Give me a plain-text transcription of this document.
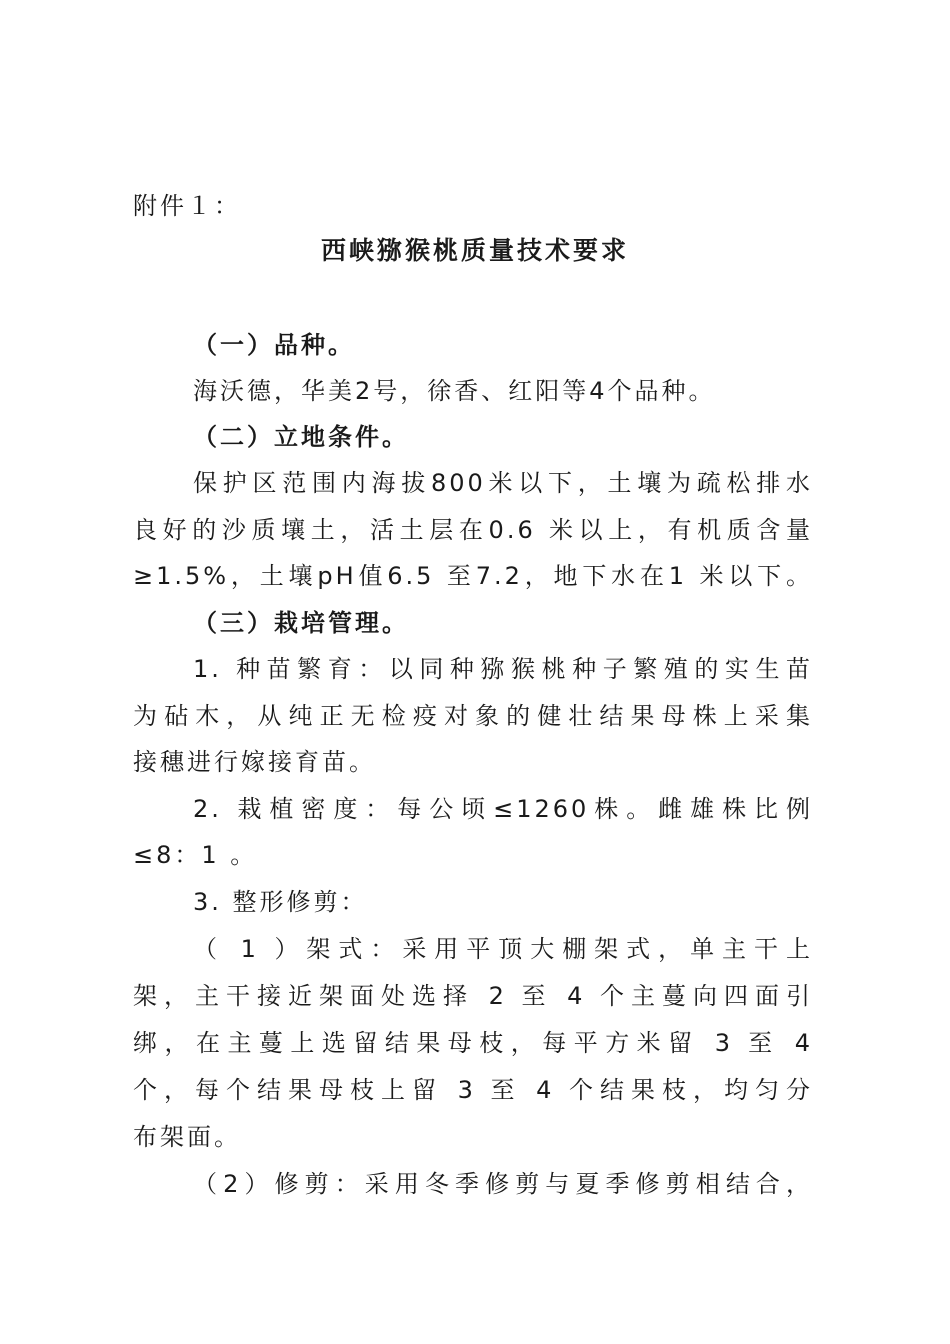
附件１：
西峡猕猴桃质量技术要求
（一）品种。
海沃德，华美2号，徐香、红阳等4个品种。
（二）立地条件。
保护区范围内海拔800米以下，土壤为疏松排水
良好的沙质壤土，活土层在0.6 米以上，有机质含量
≥1.5%，土壤pH值6.5 至7.2，地下水在1 米以下。
（三）栽培管理。
1. 种苗繁育：以同种猕猴桃种子繁殖的实生苗
为砧木，从纯正无检疫对象的健壮结果母株上采集
接穗进行嫁接育苗。
2. 栽植密度：每公顷≤1260株。雌雄株比例
≤8：1 。
3. 整形修剪：
（ 1 ）架式：采用平顶大棚架式，单主干上
架，主干接近架面处选择 2 至 4 个主蔓向四面引
绑，在主蔓上选留结果母枝，每平方米留 3 至 4
个，每个结果母枝上留 3 至 4 个结果枝，均匀分
布架面。
（2）修剪：采用冬季修剪与夏季修剪相结合，
